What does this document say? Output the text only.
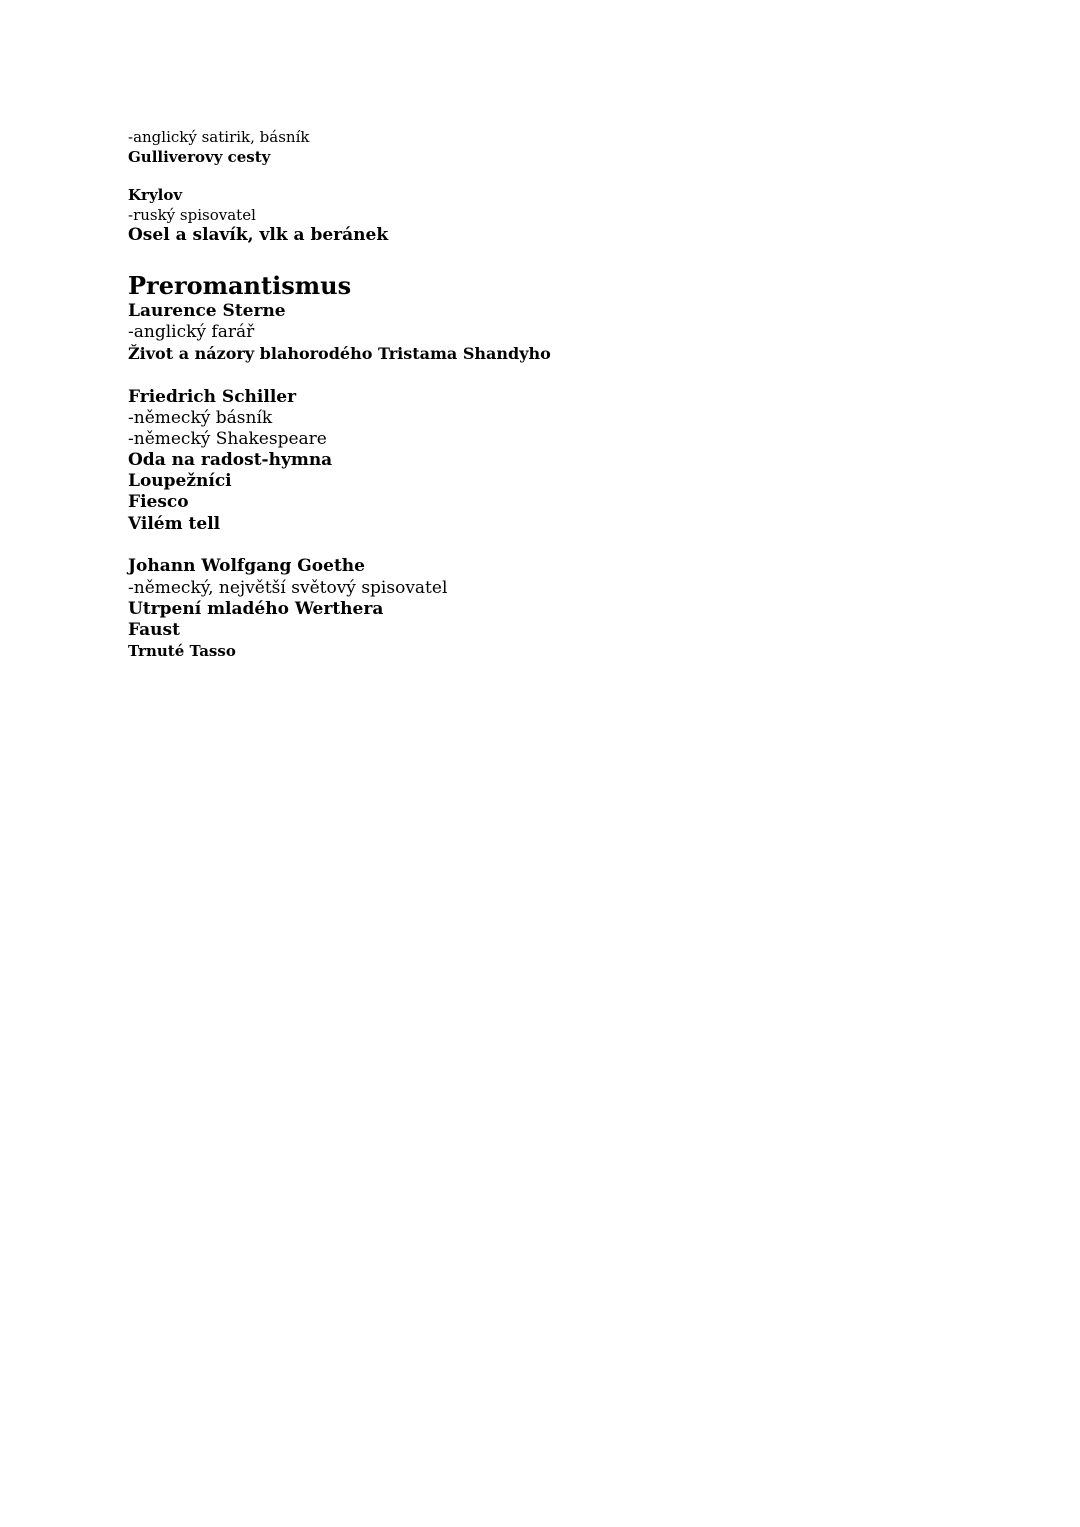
-anglický satirik, básník
Gulliverovy cesty
Krylov
-ruský spisovatel
Osel a slavík, vlk a beránek
Preromantismus
Laurence Sterne
-anglický farář
Život a názory blahorodého Tristama Shandyho
Friedrich Schiller
-německý básník
-německý Shakespeare
Oda na radost-hymna
Loupežníci
Fiesco
Vilém tell
Johann Wolfgang Goethe
-německý, největší světový spisovatel
Utrpení mladého Werthera
Faust
Trnuté Tasso
